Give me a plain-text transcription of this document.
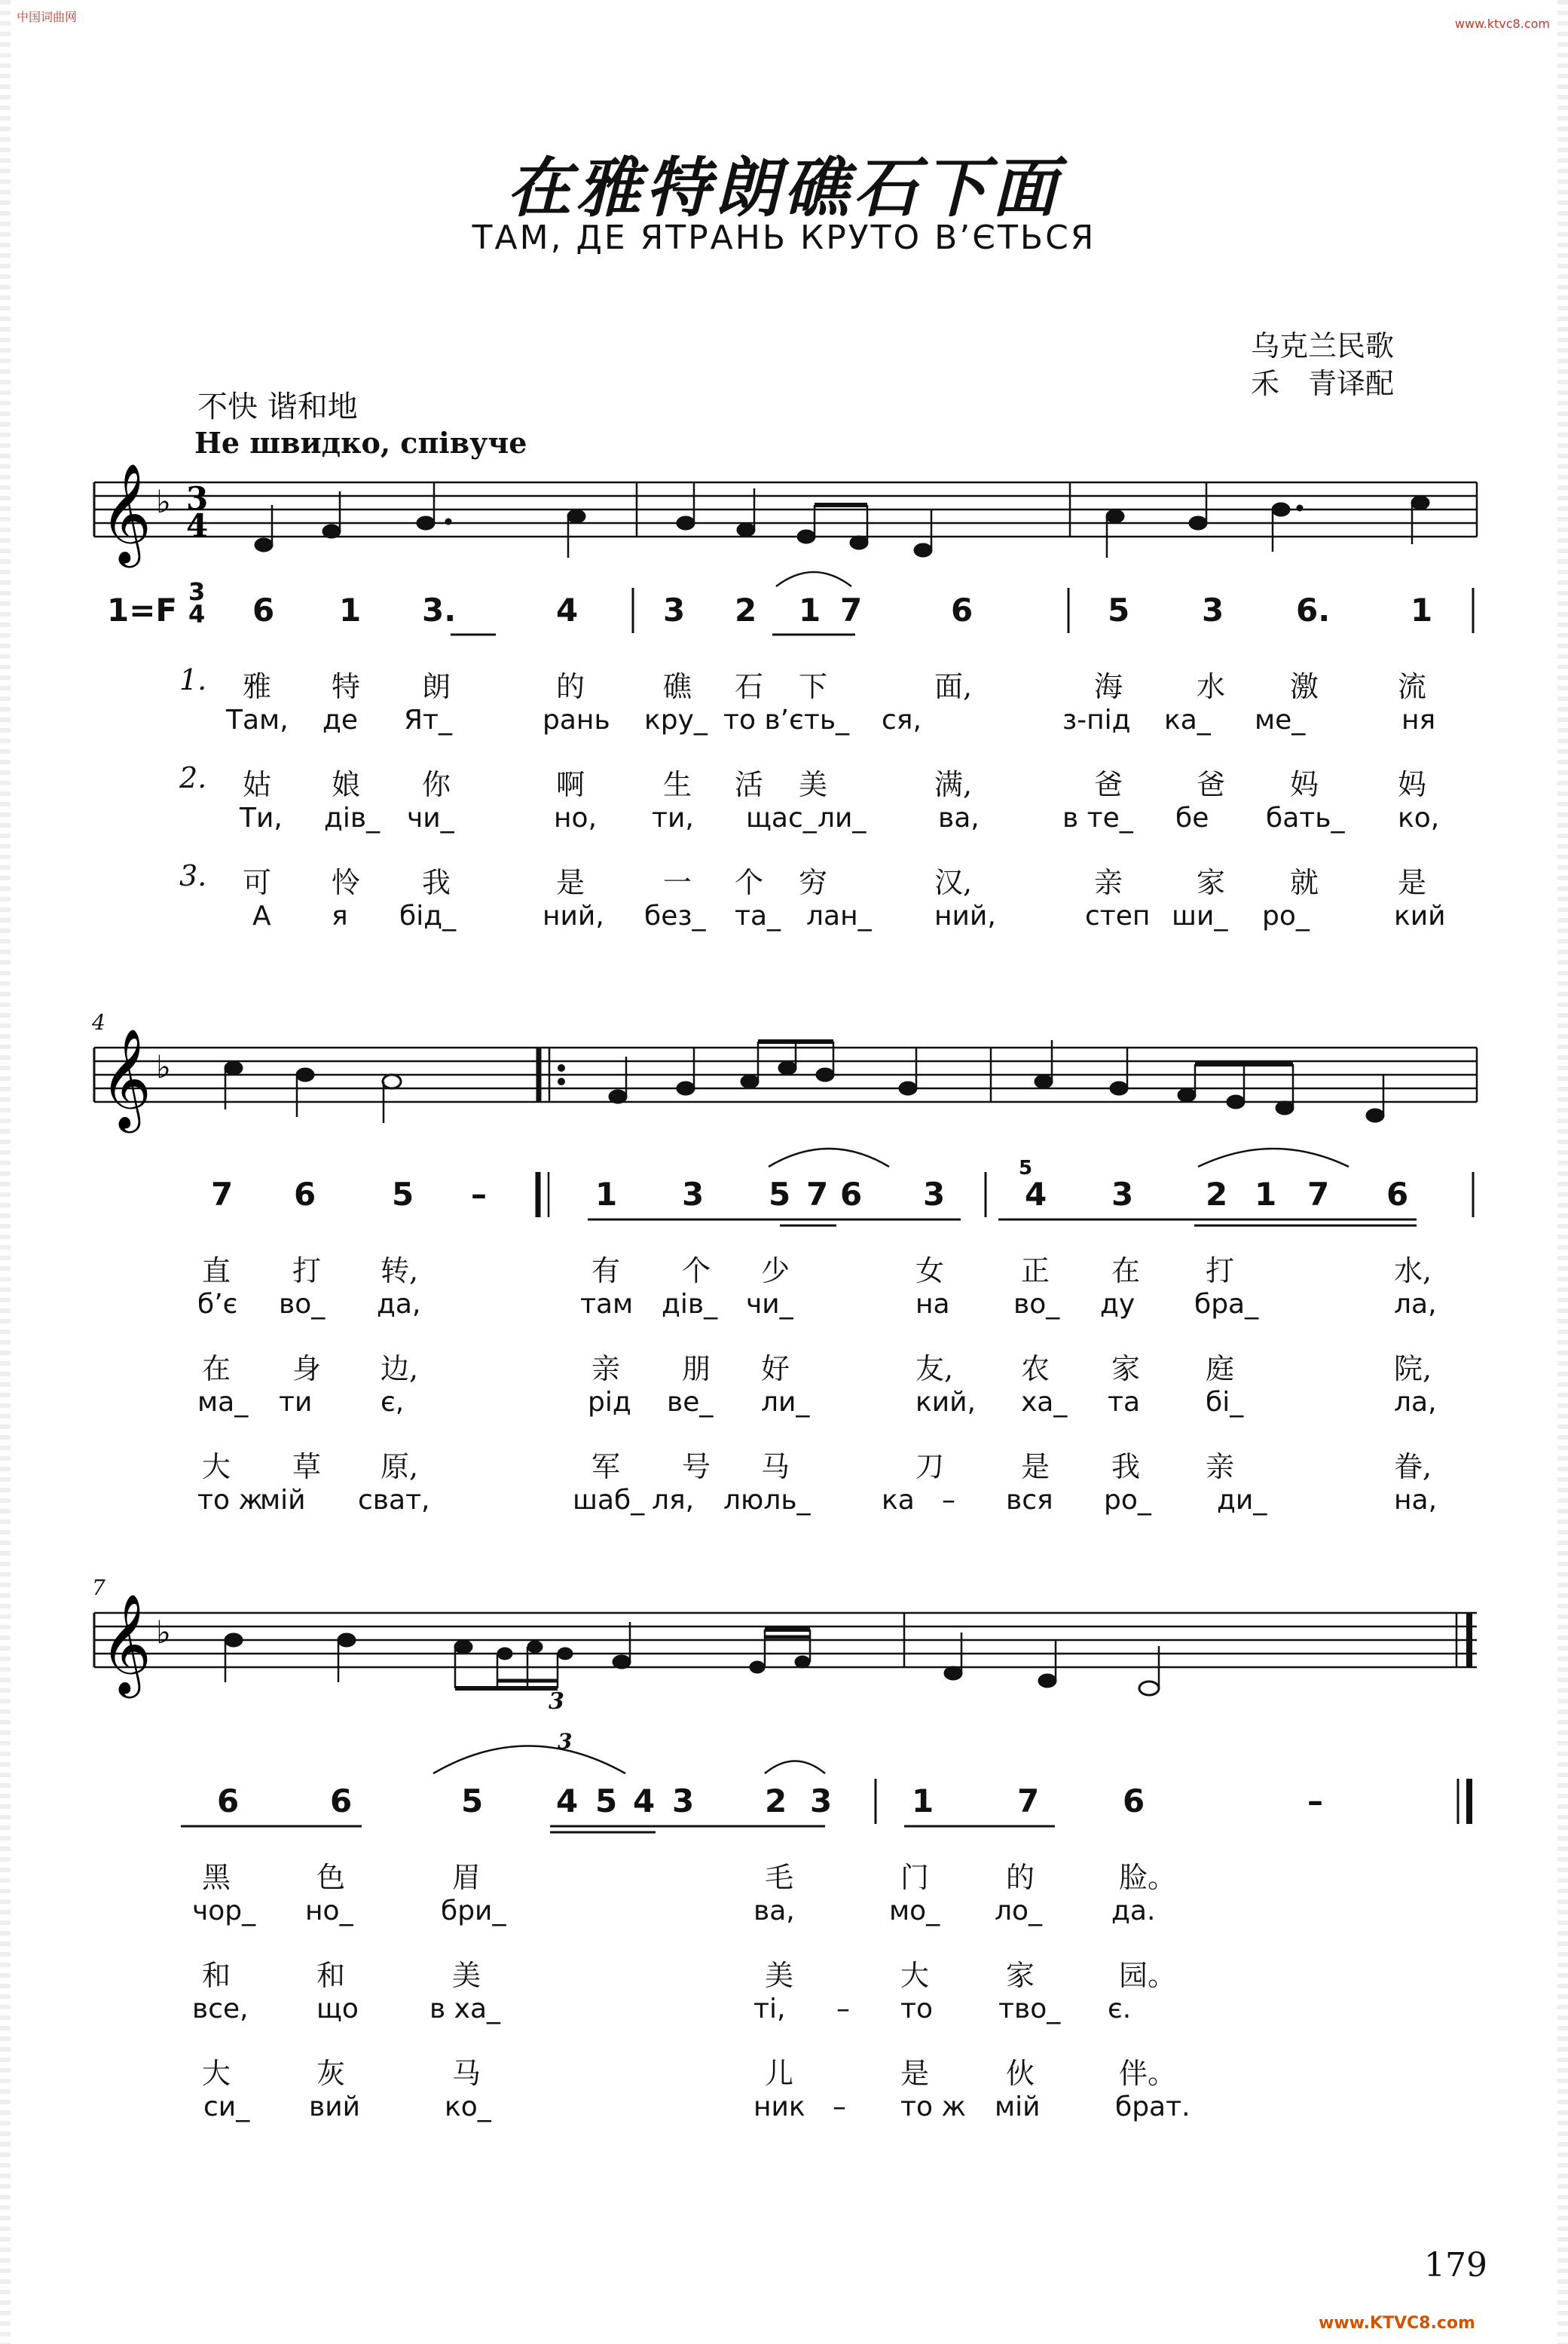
中国词曲网	www.ktvc8.com
在雅特朗礁石下面
ТАМ, ДЕ ЯТРАНЬ КРУТО В’ЄТЬСЯ
乌克兰民歌
禾　青译配
不快 谐和地
Не швидко, співуче
𝄞 ♭ 3
4
𝄞 ♭
𝄞 ♭
4
7
3
3
1=F 3
4 6 1 3.	4	3 2 1 7	6	5 3 6.	1
7 6 5 –	1 3 5 7 6 3	4 3 2 1 7 6
6	6	5 4 5 4 3 2 3	1	7	6	–
5
1. 雅 特 朗	的	礁 石 下	面,	海	水 激	流
Там, де Ят_	рань кру_ то в’єть_ ся,	з-під ка_ ме_	ня
2. 姑 娘 你	啊	生 活 美	满,	爸	爸 妈	妈
Ти, дів_ чи_	но, ти, щас_ ли_	ва,	в те_ бе бать_ ко,
3. 可 怜 我	是	一 个 穷	汉,	亲	家 就	是
А я бід_	ний, без_ та_ лан_ ний,	степ ши_ ро_	кий
直 打 转,	有 个 少	女	正 在 打	水,
б’є во_ да,	там дів_ чи_	на во_ ду бра_	ла,
在 身 边,	亲 朋 好	友, 农 家 庭	院,
ма_ ти	є,	рід ве_ ли_	кий, ха_ та бі_	ла,
大 草 原,	军 号 马	刀	是 我 亲	眷,
то ж
мій сват,	шаб_ ля, люль_	ка – вся ро_ ди_	на,
黑	色	眉	毛	门	的	脸。
чор_ но_	бри_	ва,	мо_ ло_	да.
和	和	美	美	大	家	园。
все,	що	в ха_	ті, – то тво_ є.
大	灰	马	儿	是	伙	伴。
си_ вий	ко_	ник – то ж мій	брат.
179
www.KTVC8.com
